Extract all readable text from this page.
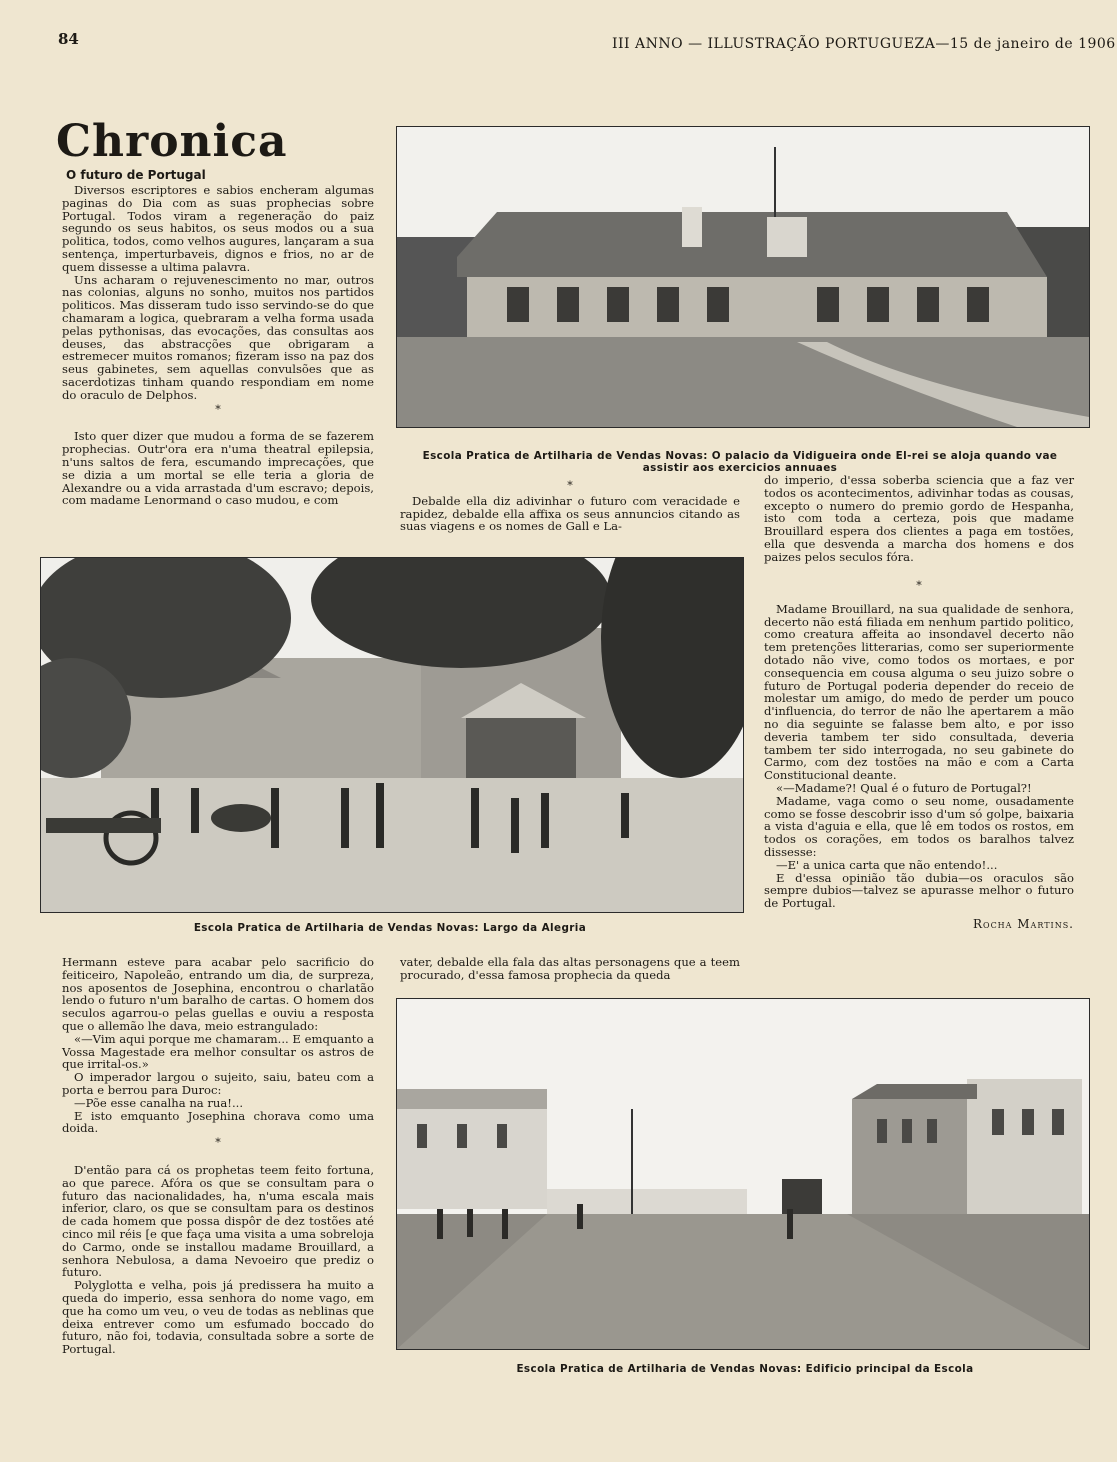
84	III ANNO — ILLUSTRAÇÃO PORTUGUEZA—15 de janeiro de 1906
Chronica
O futuro de Portugal

Diversos escriptores e sabios encheram algumas paginas do Dia com as suas prophecias sobre Portugal. Todos viram a regeneração do paiz segundo os seus habitos, os seus modos ou a sua politica, todos, como velhos augures, lançaram a sua sentença, imperturbaveis, dignos e frios, no ar de quem dissesse a ultima palavra.

Uns acharam o rejuvenescimento no mar, outros nas colonias, alguns no sonho, muitos nos partidos politicos. Mas disseram tudo isso servindo-se do que chamaram a logica, quebraram a velha forma usada pelas pythonisas, das evocações, das consultas aos deuses, das abstracções que obrigaram a estremecer muitos romanos; fizeram isso na paz dos seus gabinetes, sem aquellas convulsões que as sacerdotizas tinham quando respondiam em nome do oraculo de Delphos.

*

Isto quer dizer que mudou a forma de se fazerem prophecias. Outr'ora era n'uma theatral epilepsia, n'uns saltos de fera, escumando imprecações, que se dizia a um mortal se elle teria a gloria de Alexandre ou a vida arrastada d'um escravo; depois, com madame Lenormand o caso mudou, e com

Escola Pratica de Artilharia de Vendas Novas: O palacio da Vidigueira onde El-rei se aloja quando vae assistir aos exercicios annuaes
*

Debalde ella diz adivinhar o futuro com veracidade e rapidez, debalde ella affixa os seus annuncios citando as suas viagens e os nomes de Gall e La-

do imperio, d'essa soberba sciencia que a faz ver todos os acontecimentos, adivinhar todas as cousas, excepto o numero do premio gordo de Hespanha, isto com toda a certeza, pois que madame Brouillard espera dos clientes a paga em tostões, ella que desvenda a marcha dos homens e dos paizes pelos seculos fóra.

Escola Pratica de Artilharia de Vendas Novas: Largo da Alegria
*

Madame Brouillard, na sua qualidade de senhora, decerto não está filiada em nenhum partido politico, como creatura affeita ao insondavel decerto não tem pretenções litterarias, como ser superiormente dotado não vive, como todos os mortaes, e por consequencia em cousa alguma o seu juizo sobre o futuro de Portugal poderia depender do receio de molestar um amigo, do medo de perder um pouco d'influencia, do terror de não lhe apertarem a mão no dia seguinte se falasse bem alto, e por isso deveria tambem ter sido consultada, deveria tambem ter sido interrogada, no seu gabinete do Carmo, com dez tostões na mão e com a Carta Constitucional deante.

«—Madame?! Qual é o futuro de Portugal?!

Madame, vaga como o seu nome, ousadamente como se fosse descobrir isso d'um só golpe, baixaria a vista d'aguia e ella, que lê em todos os rostos, em todos os corações, em todos os baralhos talvez dissesse:

—E' a unica carta que não entendo!...

E d'essa opinião tão dubia—os oraculos são sempre dubios—talvez se apurasse melhor o futuro de Portugal.

Rocha Martins.

Hermann esteve para acabar pelo sacrificio do feiticeiro, Napoleão, entrando um dia, de surpreza, nos aposentos de Josephina, encontrou o charlatão lendo o futuro n'um baralho de cartas. O homem dos seculos agarrou-o pelas guellas e ouviu a resposta que o allemão lhe dava, meio estrangulado:

«—Vim aqui porque me chamaram... E emquanto a Vossa Magestade era melhor consultar os astros de que irrital-os.»

O imperador largou o sujeito, saiu, bateu com a porta e berrou para Duroc:

—Põe esse canalha na rua!...

E isto emquanto Josephina chorava como uma doida.

*

D'então para cá os prophetas teem feito fortuna, ao que parece. Afóra os que se consultam para o futuro das nacionalidades, ha, n'uma escala mais inferior, claro, os que se consultam para os destinos de cada homem que possa dispôr de dez tostões até cinco mil réis [e que faça uma visita a uma sobreloja do Carmo, onde se installou madame Brouillard, a senhora Nebulosa, a dama Nevoeiro que prediz o futuro.

Polyglotta e velha, pois já predissera ha muito a queda do imperio, essa senhora do nome vago, em que ha como um veu, o veu de todas as neblinas que deixa entrever como um esfumado boccado do futuro, não foi, todavia, consultada sobre a sorte de Portugal.

vater, debalde ella fala das altas personagens que a teem procurado, d'essa famosa prophecia da queda

Escola Pratica de Artilharia de Vendas Novas: Edificio principal da Escola
